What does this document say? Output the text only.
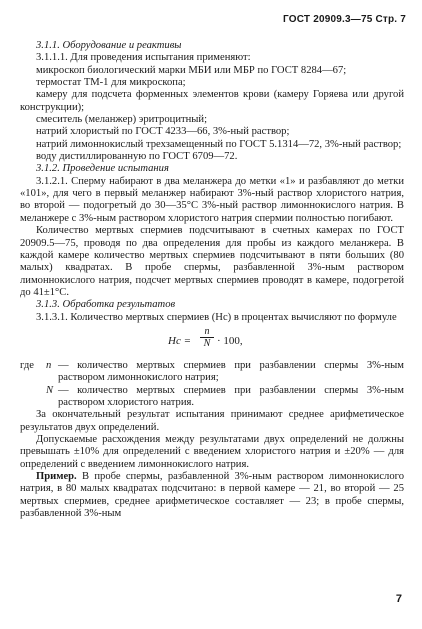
ГОСТ 20909.3—75 Стр. 7

3.1.1. Оборудование и реактивы

3.1.1.1. Для проведения испытания применяют:

микроскоп биологический марки МБИ или МБР по ГОСТ 8284—67;

термостат ТМ-1 для микроскопа;

камеру для подсчета форменных элементов крови (камеру Горяева или другой конструкции);

смеситель (меланжер) эритроцитный;

натрий хлористый по ГОСТ 4233—66, 3%-ный раствор;

натрий лимоннокислый трехзамещенный по ГОСТ 5.1314—72, 3%-ный раствор;

воду дистиллированную по ГОСТ 6709—72.

3.1.2. Проведение испытания

3.1.2.1. Сперму набирают в два меланжера до метки «1» и разбавляют до метки «101», для чего в первый меланжер набирают 3%-ный раствор хлористого натрия, во второй — подогретый до 30—35°С 3%-ный раствор лимоннокислого натрия. В меланжере с 3%-ным раствором хлористого натрия спермии полностью погибают.

Количество мертвых спермиев подсчитывают в счетных камерах по ГОСТ 20909.5—75, проводя по два определения для пробы из каждого меланжера. В каждой камере количество мертвых спермиев подсчитывают в пяти больших (80 малых) квадратах. В пробе спермы, разбавленной 3%-ным раствором лимоннокислого натрия, подсчет мертвых спермиев проводят в камере, подогретой до 41±1°С.

3.1.3. Обработка результатов

3.1.3.1. Количество мертвых спермиев (Нс) в процентах вычисляют по формуле

Нс = $\frac{n}{N} \cdot 100$,
где	n — количество мертвых спермиев при разбавлении спермы 3%-ным раствором лимоннокислого натрия;
N — количество мертвых спермиев при разбавлении спермы 3%-ным раствором хлористого натрия.

За окончательный результат испытания принимают среднее арифметическое результатов двух определений.

Допускаемые расхождения между результатами двух определений не должны превышать ±10% для определений с введением хлористого натрия и ±20% — для определений с введением лимоннокислого натрия.

Пример. В пробе спермы, разбавленной 3%-ным раствором лимоннокислого натрия, в 80 малых квадратах подсчитано: в первой камере — 21, во второй — 25 мертвых спермиев, среднее арифметическое составляет — 23; в пробе спермы, разбавленной 3%-ным

7
